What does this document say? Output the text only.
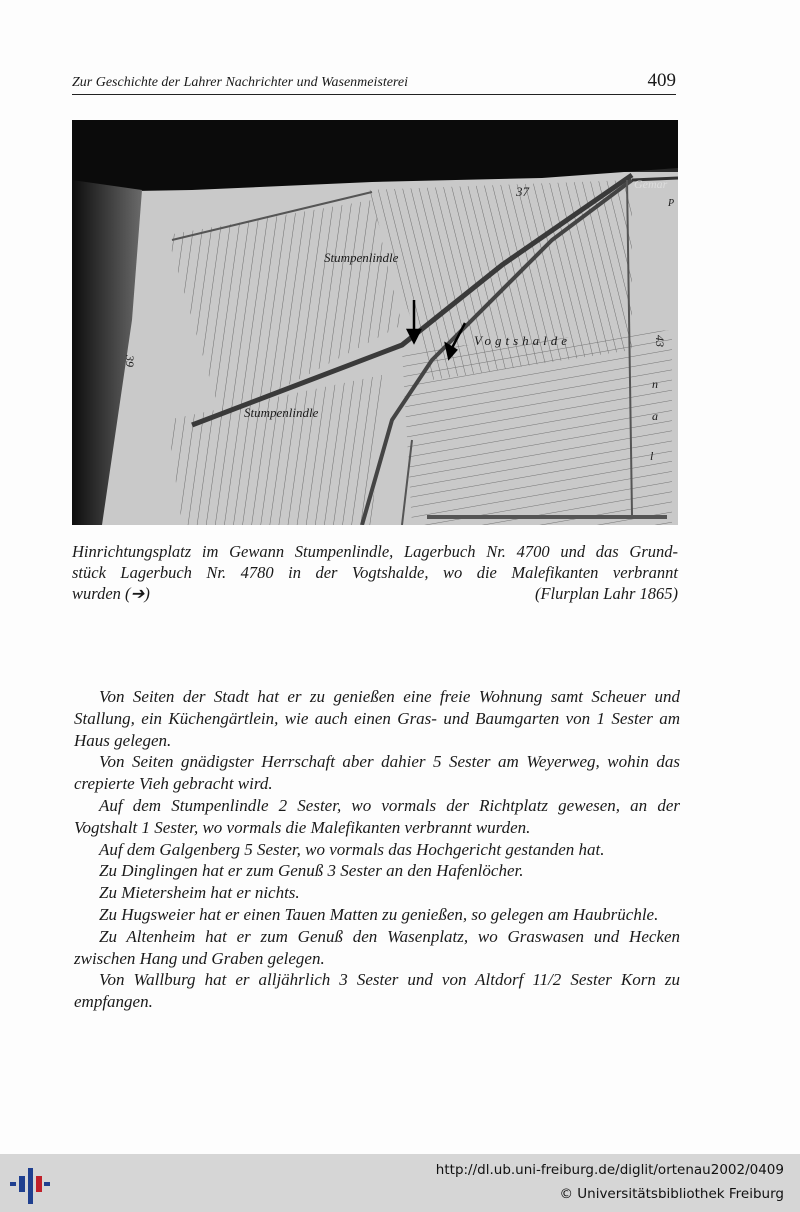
Zur Geschichte der Lahrer Nachrichter und Wasenmeisterei	409
Stumpenlindle
Stumpenlindle
Vogtshalde
37
39
43
Gemar
P
l
a
n
Hinrichtungsplatz im Gewann Stumpenlindle, Lagerbuch Nr. 4700 und das Grund-
stück Lagerbuch Nr. 4780 in der Vogtshalde, wo die Malefikanten verbrannt
wurden (➔)	(Flurplan Lahr 1865)

Von Seiten der Stadt hat er zu genießen eine freie Wohnung samt Scheuer und Stallung, ein Küchengärtlein, wie auch einen Gras- und Baumgarten von 1 Sester am Haus gelegen.

Von Seiten gnädigster Herrschaft aber dahier 5 Sester am Weyerweg, wohin das crepierte Vieh gebracht wird.

Auf dem Stumpenlindle 2 Sester, wo vormals der Richtplatz gewesen, an der Vogtshalt 1 Sester, wo vormals die Malefikanten verbrannt wurden.

Auf dem Galgenberg 5 Sester, wo vormals das Hochgericht gestanden hat.

Zu Dinglingen hat er zum Genuß 3 Sester an den Hafenlöcher.

Zu Mietersheim hat er nichts.

Zu Hugsweier hat er einen Tauen Matten zu genießen, so gelegen am Haubrüchle.

Zu Altenheim hat er zum Genuß den Wasenplatz, wo Graswasen und Hecken zwischen Hang und Graben gelegen.

Von Wallburg hat er alljährlich 3 Sester und von Altdorf 11/2 Sester Korn zu empfangen.

http://dl.ub.uni-freiburg.de/diglit/ortenau2002/0409
© Universitätsbibliothek Freiburg
